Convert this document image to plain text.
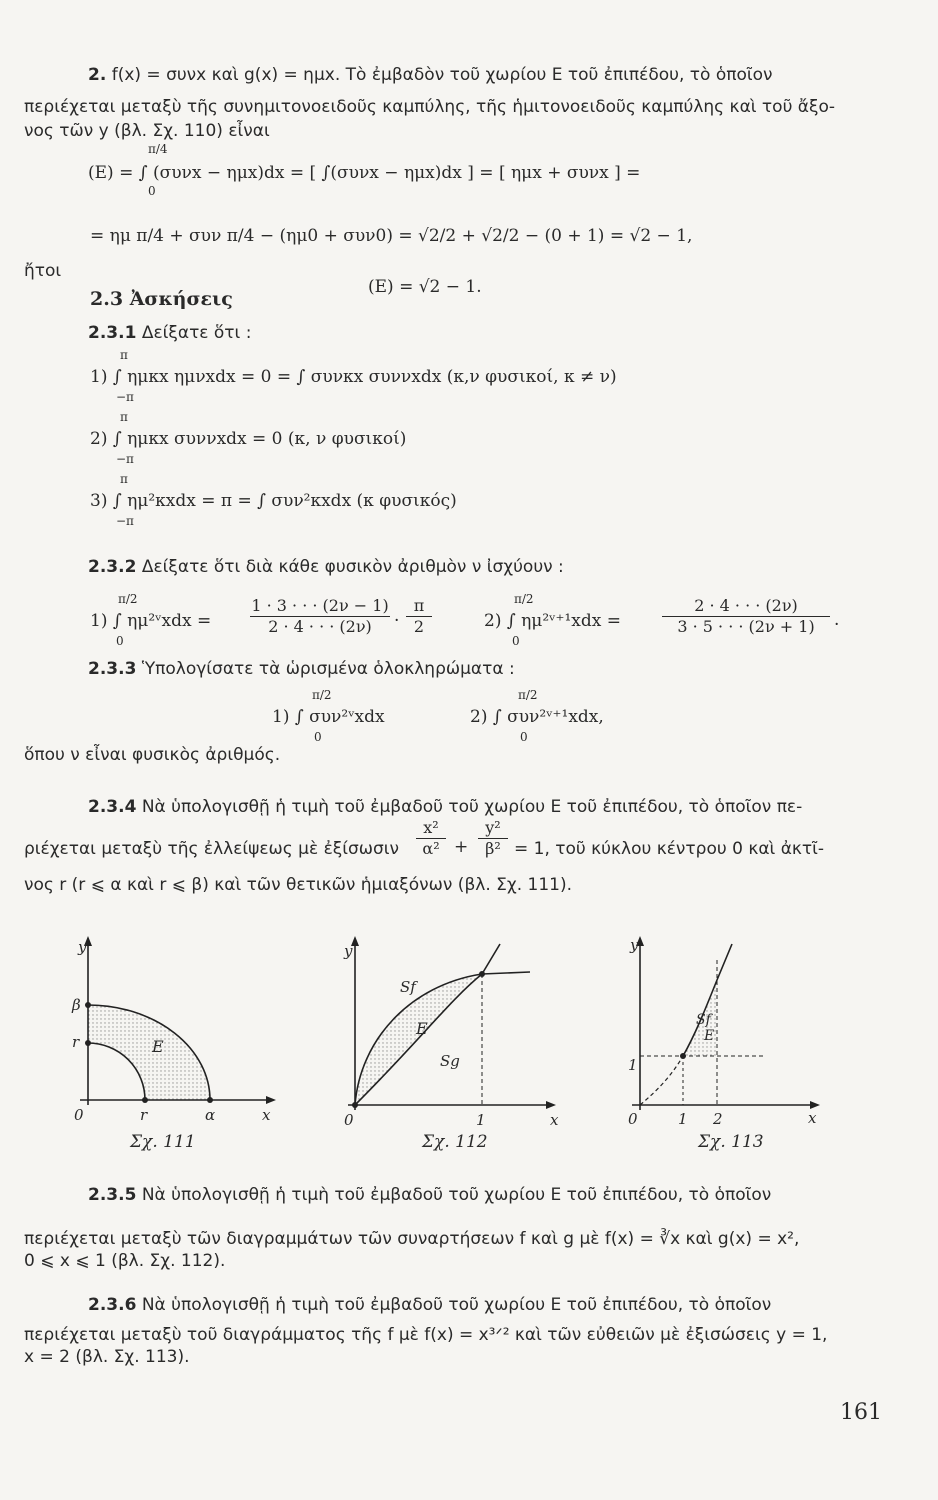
2. f(x) = συνx καὶ g(x) = ημx. Τὸ ἐμβαδὸν τοῦ χωρίου E τοῦ ἐπιπέδου, τὸ ὁποῖον
περιέχεται μεταξὺ τῆς συνημιτονοειδοῦς καμπύλης, τῆς ἡμιτονοειδοῦς καμπύλης καὶ τοῦ ἄξο-
νος τῶν y (βλ. Σχ. 110) εἶναι
π/4
0
(E) = ∫ (συνx − ημx)dx = [ ∫(συνx − ημx)dx ] = [ ημx + συνx ] =
= ημ π/4 + συν π/4 − (ημ0 + συν0) = √2/2 + √2/2 − (0 + 1) = √2 − 1,
ἤτοι
(E) = √2 − 1.
2.3 Ἀσκήσεις
2.3.1 Δείξατε ὅτι :
π
1) ∫ ημκx ημνxdx = 0 = ∫ συνκx συννxdx (κ,ν φυσικοί, κ ≠ ν)
−π
π
2) ∫ ημκx συννxdx = 0 (κ, ν φυσικοί)
−π
π
3) ∫ ημ²κxdx = π = ∫ συν²κxdx (κ φυσικός)
−π
2.3.2 Δείξατε ὅτι διὰ κάθε φυσικὸν ἀριθμὸν ν ἰσχύουν :
π/2
1) ∫ ημ²ᵛxdx =
0
$\frac{1 \cdot 3 \cdot \cdot \cdot (2\nu - 1)}{2 \cdot 4 \cdot \cdot \cdot (2\nu)} \cdot \frac{\pi}{2}$	π/2
2) ∫ ημ²ᵛ⁺¹xdx =
0
$\frac{2 \cdot 4 \cdot \cdot \cdot (2\nu)}{3 \cdot 5 \cdot \cdot \cdot (2\nu + 1)}$ ·
2.3.3 Ὑπολογίσατε τὰ ὡρισμένα ὁλοκληρώματα :
π/2
1) ∫ συν²ᵛxdx
0
π/2
2) ∫ συν²ᵛ⁺¹xdx,
0
ὅπου ν εἶναι φυσικὸς ἀριθμός.
2.3.4 Νὰ ὑπολογισθῇ ἡ τιμὴ τοῦ ἐμβαδοῦ τοῦ χωρίου E τοῦ ἐπιπέδου, τὸ ὁποῖον πε-
ριέχεται μεταξὺ τῆς ἐλλείψεως μὲ ἐξίσωσιν $\frac{\text{x²}}{\text{α²}} + \frac{\text{y²}}{\text{β²}} = 1$, τοῦ κύκλου κέντρου 0 καὶ ἀκτῖ-
νος r (r ⩽ α καὶ r ⩽ β) καὶ τῶν θετικῶν ἡμιαξόνων (βλ. Σχ. 111).
y
x
0
β
r
r	α
E
Σχ. 111
y
x
0	1
Sf
Sg
E
Σχ. 112
y
x
0	1 2
1
Sf
E
Σχ. 113
2.3.5 Νὰ ὑπολογισθῇ ἡ τιμὴ τοῦ ἐμβαδοῦ τοῦ χωρίου E τοῦ ἐπιπέδου, τὸ ὁποῖον
περιέχεται μεταξὺ τῶν διαγραμμάτων τῶν συναρτήσεων f καὶ g μὲ f(x) = ∛x καὶ g(x) = x²,
0 ⩽ x ⩽ 1 (βλ. Σχ. 112).
2.3.6 Νὰ ὑπολογισθῇ ἡ τιμὴ τοῦ ἐμβαδοῦ τοῦ χωρίου E τοῦ ἐπιπέδου, τὸ ὁποῖον
περιέχεται μεταξὺ τοῦ διαγράμματος τῆς f μὲ f(x) = x³ᐟ² καὶ τῶν εὐθειῶν μὲ ἐξισώσεις y = 1,
x = 2 (βλ. Σχ. 113).
161
